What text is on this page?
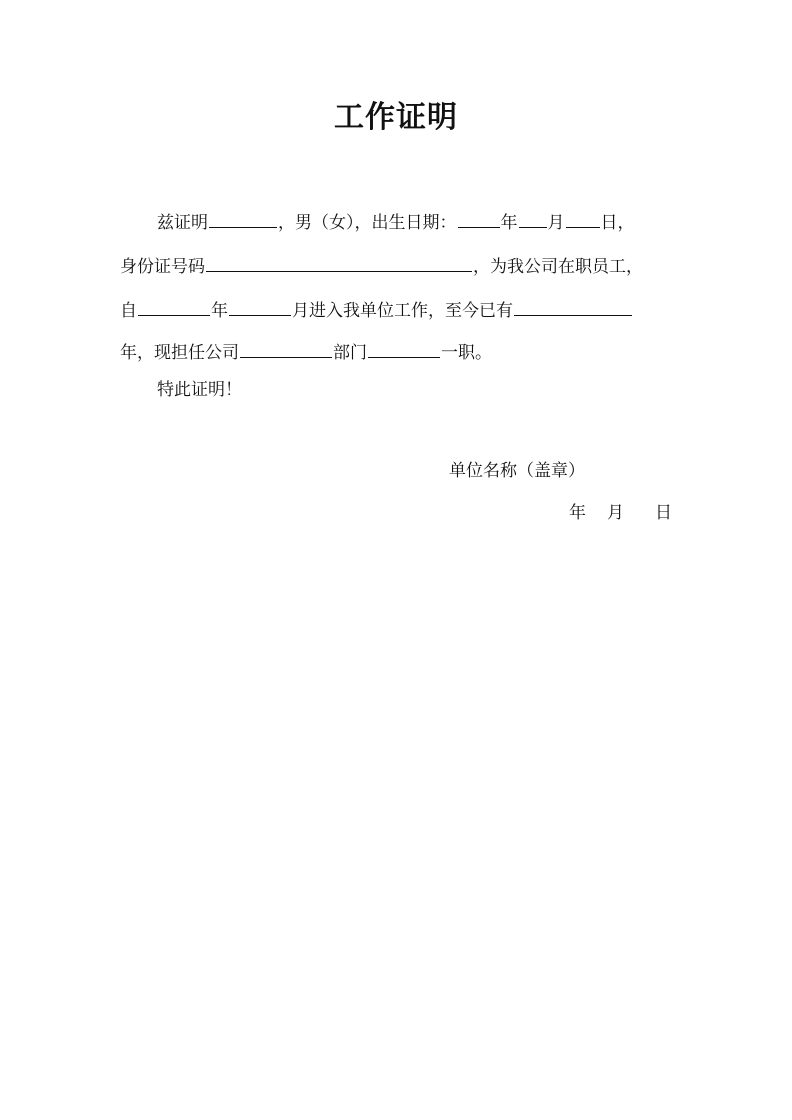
工作证明
兹证明	，男（女），出生日期：	年 月 日，
身份证号码	，为我公司在职员工，
自	年	月进入我单位工作，至今已有
年，现担任公司	部门	一职。
特此证明！
单位名称（盖章）
年 月 日
